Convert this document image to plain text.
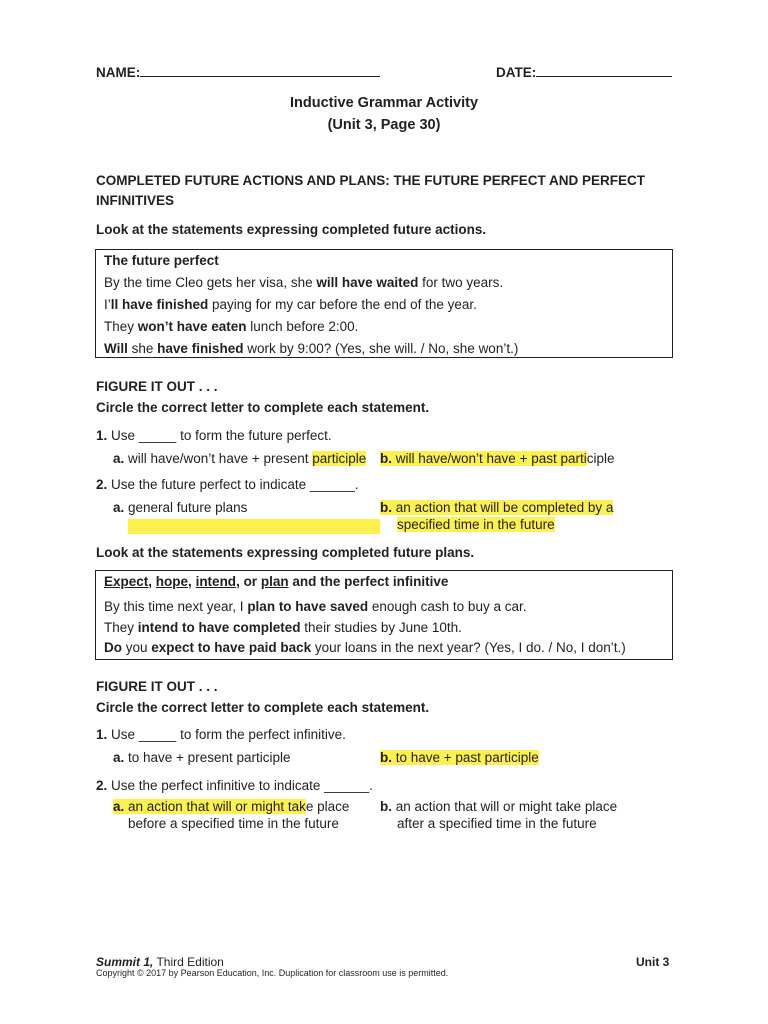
NAME:	DATE:
Inductive Grammar Activity
(Unit 3, Page 30)
COMPLETED FUTURE ACTIONS AND PLANS: THE FUTURE PERFECT AND PERFECT
INFINITIVES
Look at the statements expressing completed future actions.
The future perfect
By the time Cleo gets her visa, she will have waited for two years.
I’ll have finished paying for my car before the end of the year.
They won’t have eaten lunch before 2:00.
Will she have finished work by 9:00? (Yes, she will. / No, she won’t.)
FIGURE IT OUT . . .
Circle the correct letter to complete each statement.
1. Use _____ to form the future perfect.
a. will have/won’t have + present participle b. will have/won’t have + past participle
2. Use the future perfect to indicate ______.
a. general future plans	b. an action that will be completed by a
specified time in the future
Look at the statements expressing completed future plans.
Expect, hope, intend, or plan and the perfect infinitive
By this time next year, I plan to have saved enough cash to buy a car.
They intend to have completed their studies by June 10th.
Do you expect to have paid back your loans in the next year? (Yes, I do. / No, I don’t.)
FIGURE IT OUT . . .
Circle the correct letter to complete each statement.
1. Use _____ to form the perfect infinitive.
a. to have + present participle	b. to have + past participle
2. Use the perfect infinitive to indicate ______.
a. an action that will or might take place
before a specified time in the future
b. an action that will or might take place
after a specified time in the future
Summit 1, Third Edition	Unit 3
Copyright © 2017 by Pearson Education, Inc. Duplication for classroom use is permitted.
